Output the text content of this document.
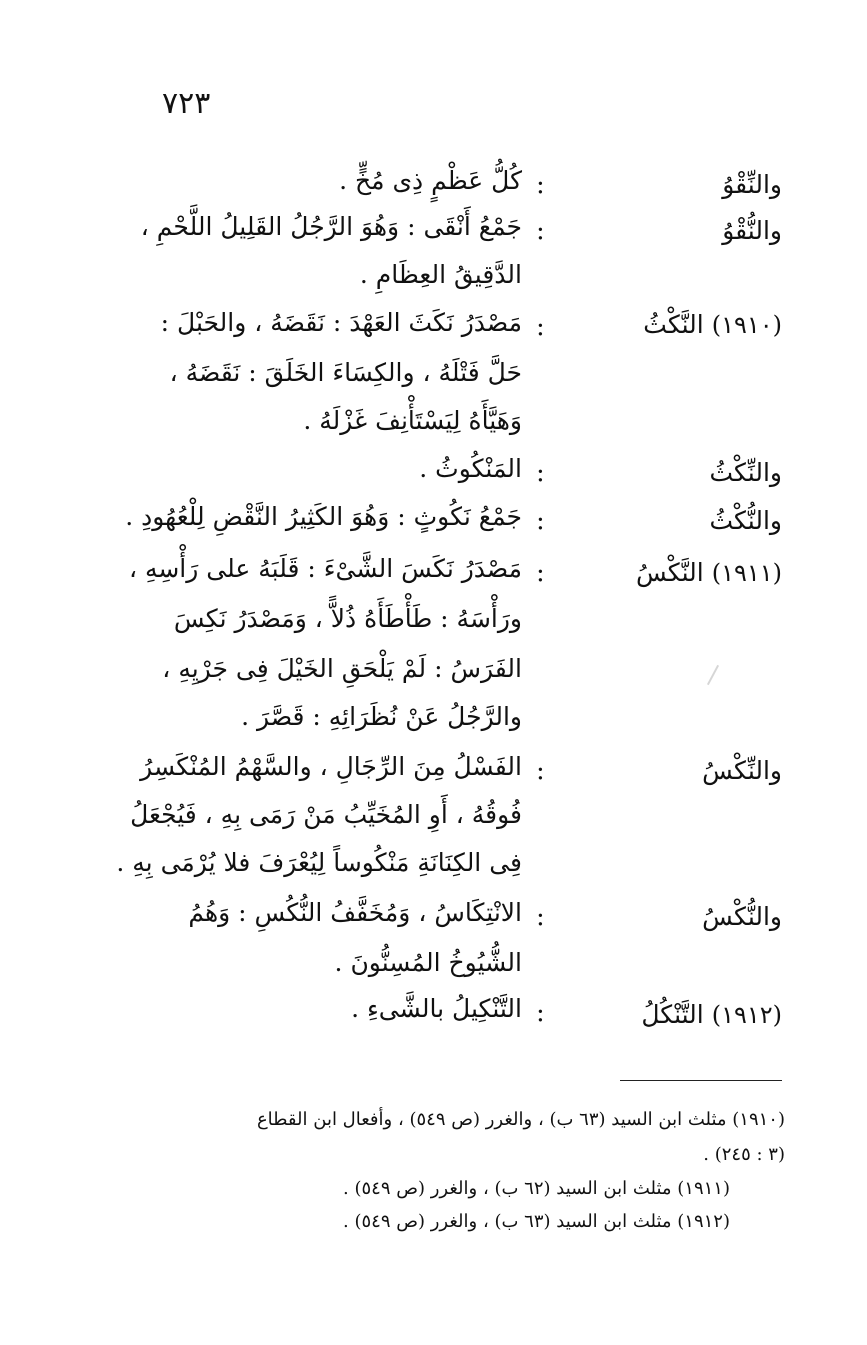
٧٢٣
والنِّقْوُ
:
كُلُّ عَظْمٍ ذِى مُخٍّ .
والنُّقْوُ
:
جَمْعُ أَنْقَى : وَهُوَ الرَّجُلُ القَلِيلُ اللَّحْمِ ،
الدَّقِيقُ العِظَامِ .
(١٩١٠) النَّكْثُ
:
مَصْدَرُ نَكَثَ العَهْدَ : نَقَضَهُ ، والحَبْلَ :
حَلَّ فَتْلَهُ ، والكِسَاءَ الخَلَقَ : نَقَضَهُ ،
وَهَيَّأَهُ لِيَسْتَأْنِفَ غَزْلَهُ .
والنِّكْثُ
:
المَنْكُوثُ .
والنُّكْثُ
:
جَمْعُ نَكُوثٍ : وَهُوَ الكَثِيرُ النَّقْضِ لِلْعُهُودِ .
(١٩١١) النَّكْسُ
:
مَصْدَرُ نَكَسَ الشَّىْءَ : قَلَبَهُ على رَأْسِهِ ،
ورَأْسَهُ : طَأْطَأَهُ ذُلاًّ ، وَمَصْدَرُ نَكِسَ
الفَرَسُ : لَمْ يَلْحَقِ الخَيْلَ فِى جَرْيِهِ ،
والرَّجُلُ عَنْ نُظَرَائِهِ : قَصَّرَ .
والنِّكْسُ
:
الفَسْلُ مِنَ الرِّجَالِ ، والسَّهْمُ المُنْكَسِرُ
فُوقُهُ ، أَوِ المُخَيِّبُ مَنْ رَمَى بِهِ ، فَيُجْعَلُ
فِى الكِنَانَةِ مَنْكُوساً لِيُعْرَفَ فلا يُرْمَى بِهِ .
والنُّكْسُ
:
الانْتِكَاسُ ، وَمُخَفَّفُ النُّكُسِ : وَهُمُ
الشُّيُوخُ المُسِنُّونَ .
(١٩١٢) التَّنْكُلُ
:
التَّنْكِيلُ بالشَّىءِ .
(١٩١٠) مثلث ابن السيد (٦٣ ب) ، والغرر (ص ٥٤٩) ، وأفعال ابن القطاع
(٣ : ٢٤٥) .
(١٩١١) مثلث ابن السيد (٦٢ ب) ، والغرر (ص ٥٤٩) .
(١٩١٢) مثلث ابن السيد (٦٣ ب) ، والغرر (ص ٥٤٩) .
